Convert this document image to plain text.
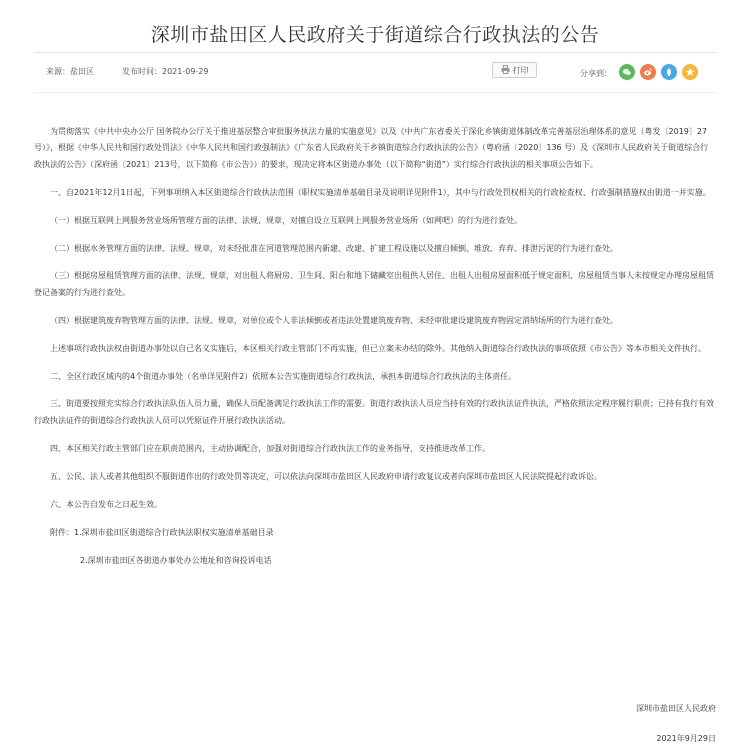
深圳市盐田区人民政府关于街道综合行政执法的公告
来源：盐田区	发布时间：2021-09-29	打印	分享到：

为贯彻落实《中共中央办公厅 国务院办公厅关于推进基层整合审批服务执法力量的实施意见》以及《中共广东省委关于深化乡镇街道体制改革完善基层治理体系的意见（粤发〔2019〕27 号）》，根据《中华人民共和国行政处罚法》《中华人民共和国行政强制法》《广东省人民政府关于乡镇街道综合行政执法的公告》（粤府函〔2020〕136 号）及《深圳市人民政府关于街道综合行政执法的公告》（深府函〔2021〕213号，以下简称《市公告》）的要求，现决定将本区街道办事处（以下简称“街道”）实行综合行政执法的相关事项公告如下。

一、自2021年12月1日起，下列事项纳入本区街道综合行政执法范围（职权实施清单基础目录及说明详见附件1），其中与行政处罚权相关的行政检查权、行政强制措施权由街道一并实施。

（一）根据互联网上网服务营业场所管理方面的法律、法规、规章，对擅自设立互联网上网服务营业场所（如网吧）的行为进行查处。

（二）根据水务管理方面的法律、法规、规章，对未经批准在河道管理范围内新建、改建、扩建工程设施以及擅自倾倒、堆放、弃弃、排泄污泥的行为进行查处。

（三）根据房屋租赁管理方面的法律、法规、规章，对出租人将厨房、卫生间、阳台和地下储藏室出租供人居住、出租人出租房屋面积低于规定面积、房屋租赁当事人未按规定办理房屋租赁登记备案的行为进行查处。

（四）根据建筑废弃物管理方面的法律、法规、规章，对单位或个人非法倾倒或者违法处置建筑废弃物、未经审批建设建筑废弃物固定消纳场所的行为进行查处。

上述事项行政执法权由街道办事处以自己名义实施后，本区相关行政主管部门不再实施，但已立案未办结的除外。其他纳入街道综合行政执法的事项依照《市公告》等本市相关文件执行。

二、全区行政区域内的4个街道办事处（名单详见附件2）依照本公告实施街道综合行政执法，承担本街道综合行政执法的主体责任。

三、街道要按照充实综合行政执法队伍人员力量，确保人员配备满足行政执法工作的需要。街道行政执法人员应当持有效的行政执法证件执法，严格依照法定程序履行职责；已持有我行有效行政执法证件的街道综合行政执法人员可以凭原证件开展行政执法活动。

四、本区相关行政主管部门应在职责范围内，主动协调配合，加强对街道综合行政执法工作的业务指导，支持推进改革工作。

五、公民、法人或者其他组织不服街道作出的行政处罚等决定，可以依法向深圳市盐田区人民政府申请行政复议或者向深圳市盐田区人民法院提起行政诉讼。

六、本公告自发布之日起生效。

附件：1.深圳市盐田区街道综合行政执法职权实施清单基础目录

2.深圳市盐田区各街道办事处办公地址和咨询投诉电话

深圳市盐田区人民政府
2021年9月29日
